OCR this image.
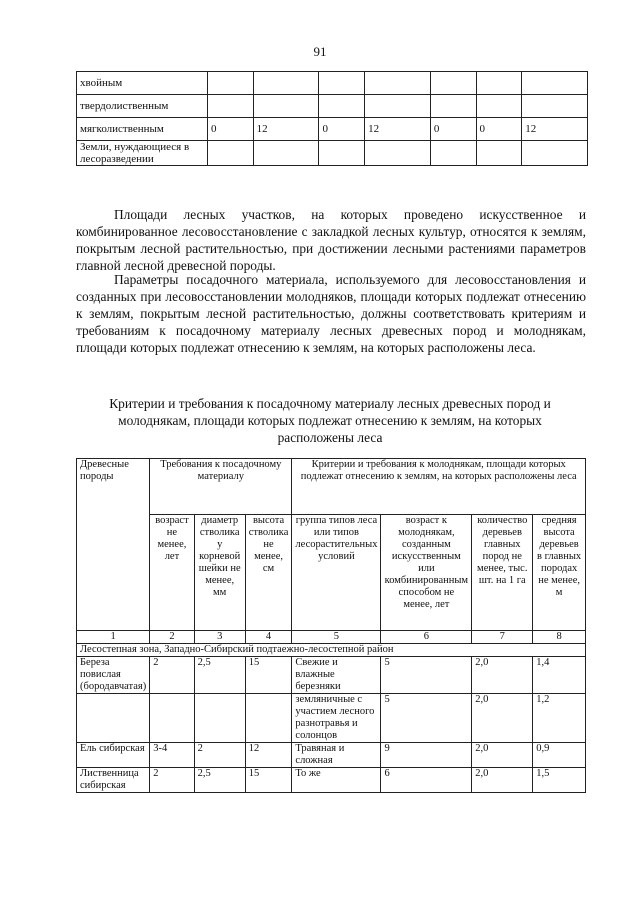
91
хвойным							
твердолиственным							
мягколиственным	0	12	0	12	0	0	12
Земли, нуждающиеся в лесоразведении							

Площади лесных участков, на которых проведено искусственное и комбинированное лесовосстановление с закладкой лесных культур, относятся к землям, покрытым лесной растительностью, при достижении лесными растениями параметров главной лесной древесной породы.

Параметры посадочного материала, используемого для лесовосстановления и созданных при лесовосстановлении молодняков, площади которых подлежат отнесению к землям, покрытым лесной растительностью, должны соответствовать критериям и требованиям к посадочному материалу лесных древесных пород и молоднякам, площади которых подлежат отнесению к землям, на которых расположены леса.

Критерии и требования к посадочному материалу лесных древесных пород и молоднякам, площади которых подлежат отнесению к землям, на которых расположены леса
Древесные породы	Требования к посадочному материалу			Критерии и требования к молоднякам, площади которых подлежат отнесению к землям, на которых расположены леса			
	возраст не менее, лет	диаметр стволика у корневой шейки не менее, мм	высота стволика не менее, см	группа типов леса или типов лесорастительных условий	возраст к молоднякам, созданным искусственным или комбинированным способом не менее, лет	количество деревьев главных пород не менее, тыс. шт. на 1 га	средняя высота деревьев в главных породах не менее, м
1	2	3	4	5	6	7	8
Лесостепная зона, Западно-Сибирский подтаежно-лесостепной район							
Береза повислая (бородавчатая)	2	2,5	15	Свежие и влажные березняки	5	2,0	1,4
				земляничные с участием лесного разнотравья и солонцов	5	2,0	1,2
Ель сибирская	3-4	2	12	Травяная и сложная	9	2,0	0,9
Лиственница сибирская	2	2,5	15	То же	6	2,0	1,5
